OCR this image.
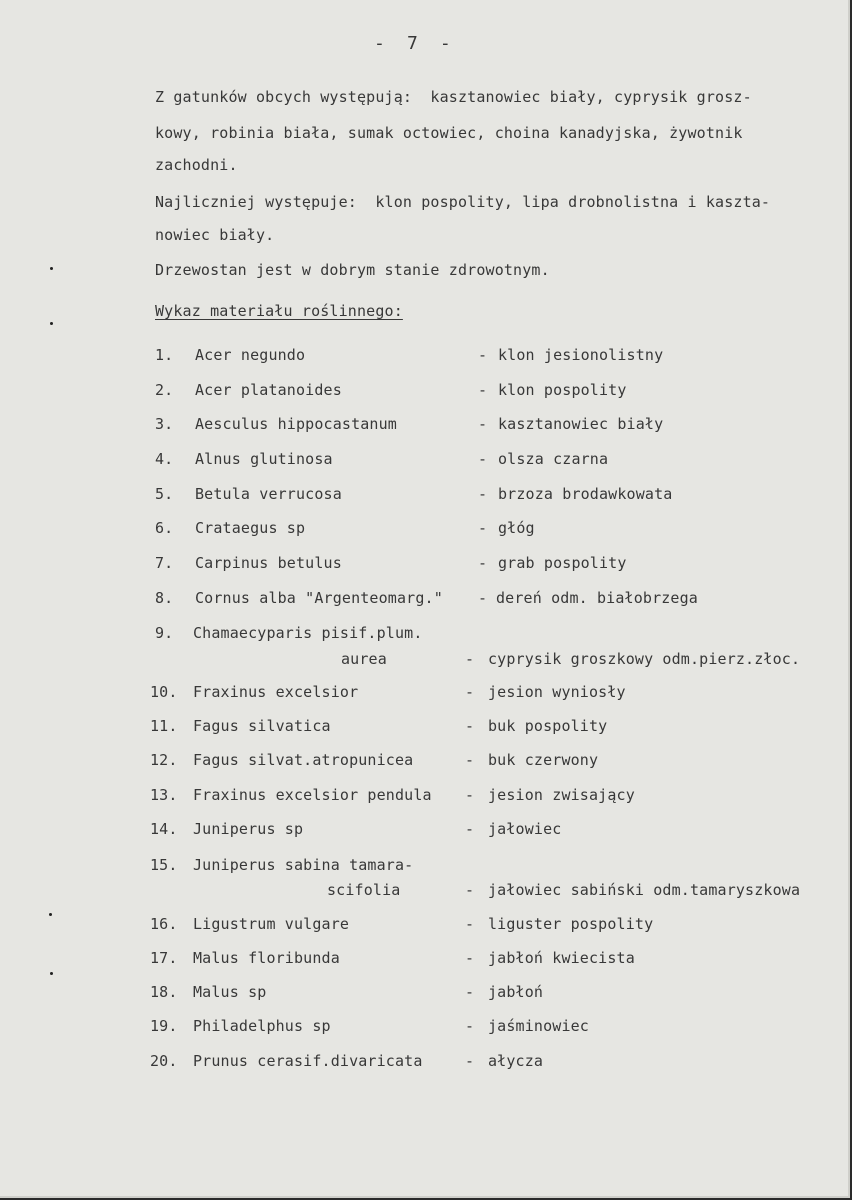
-  7  -
Z gatunków obcych występują:  kasztanowiec biały, cyprysik grosz-
kowy, robinia biała, sumak octowiec, choina kanadyjska, żywotnik
zachodni.
Najliczniej występuje:  klon pospolity, lipa drobnolistna i kaszta-
nowiec biały.
Drzewostan jest w dobrym stanie zdrowotnym.
Wykaz materiału roślinnego:
1. Acer negundo	- klon jesionolistny
2. Acer platanoides	- klon pospolity
3. Aesculus hippocastanum	- kasztanowiec biały
4. Alnus glutinosa	- olsza czarna
5. Betula verrucosa	- brzoza brodawkowata
6. Crataegus sp	- głóg
7. Carpinus betulus	- grab pospolity
8. Cornus alba "Argenteomarg." - dereń odm. białobrzega
9. Chamaecyparis pisif.plum.
aurea	- cyprysik groszkowy odm.pierz.złoc.
10. Fraxinus excelsior	- jesion wyniosły
11. Fagus silvatica	- buk pospolity
12. Fagus silvat.atropunicea	- buk czerwony
13. Fraxinus excelsior pendula - jesion zwisający
14. Juniperus sp	- jałowiec
15. Juniperus sabina tamara-
scifolia	- jałowiec sabiński odm.tamaryszkowa
16. Ligustrum vulgare	- liguster pospolity
17. Malus floribunda	- jabłoń kwiecista
18. Malus sp	- jabłoń
19. Philadelphus sp	- jaśminowiec
20. Prunus cerasif.divaricata	- ałycza
